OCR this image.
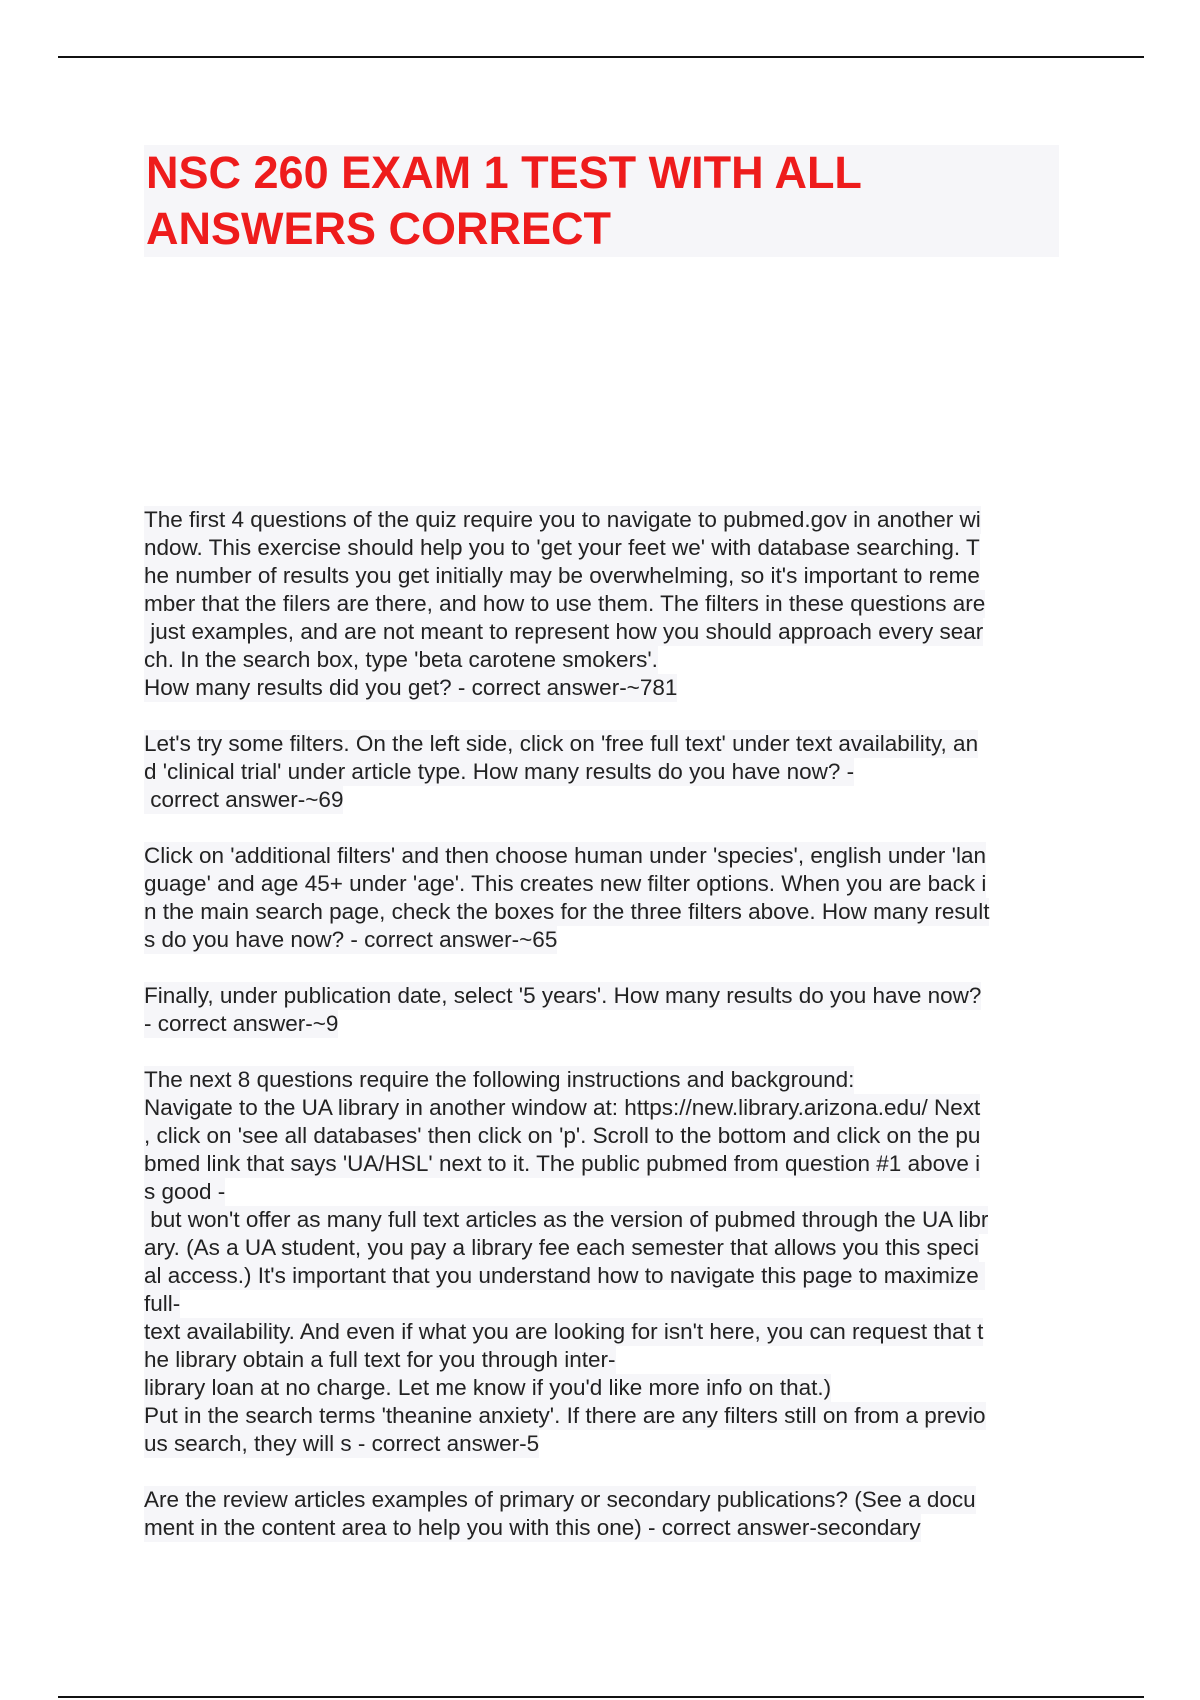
NSC 260 EXAM 1 TEST WITH ALL
ANSWERS CORRECT
The first 4 questions of the quiz require you to navigate to pubmed.gov in another wi
ndow. This exercise should help you to 'get your feet we' with database searching. T
he number of results you get initially may be overwhelming, so it's important to reme
mber that the filers are there, and how to use them. The filters in these questions are
just examples, and are not meant to represent how you should approach every sear
ch. In the search box, type 'beta carotene smokers'.
How many results did you get? - correct answer-~781
Let's try some filters. On the left side, click on 'free full text' under text availability, an
d 'clinical trial' under article type. How many results do you have now? -
correct answer-~69
Click on 'additional filters' and then choose human under 'species', english under 'lan
guage' and age 45+ under 'age'. This creates new filter options. When you are back i
n the main search page, check the boxes for the three filters above. How many result
s do you have now? - correct answer-~65
Finally, under publication date, select '5 years'. How many results do you have now?
- correct answer-~9
The next 8 questions require the following instructions and background:
Navigate to the UA library in another window at: https://new.library.arizona.edu/ Next
, click on 'see all databases' then click on 'p'. Scroll to the bottom and click on the pu
bmed link that says 'UA/HSL' next to it. The public pubmed from question #1 above i
s good -
but won't offer as many full text articles as the version of pubmed through the UA libr
ary. (As a UA student, you pay a library fee each semester that allows you this speci
al access.) It's important that you understand how to navigate this page to maximize
full-
text availability. And even if what you are looking for isn't here, you can request that t
he library obtain a full text for you through inter-
library loan at no charge. Let me know if you'd like more info on that.)
Put in the search terms 'theanine anxiety'. If there are any filters still on from a previo
us search, they will s - correct answer-5
Are the review articles examples of primary or secondary publications? (See a docu
ment in the content area to help you with this one) - correct answer-secondary
